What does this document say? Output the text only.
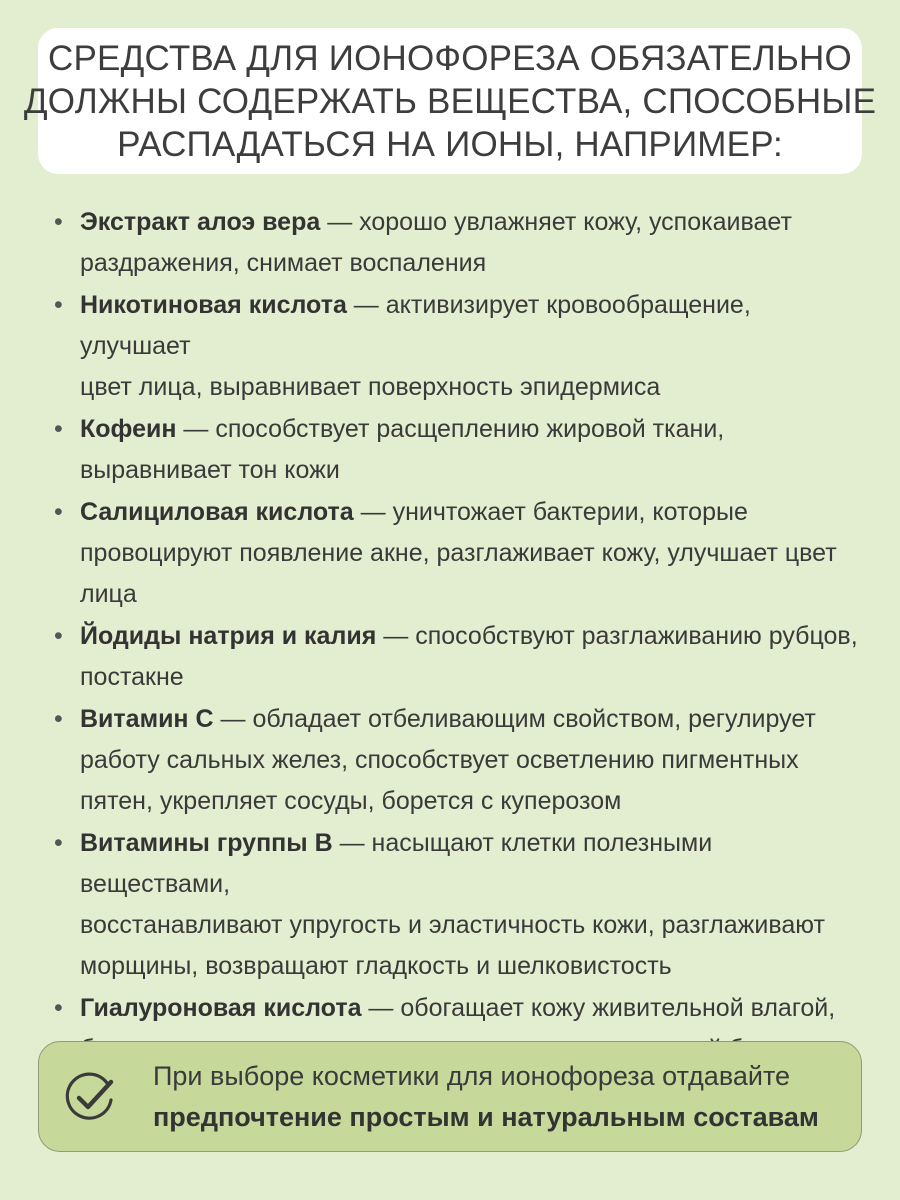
СРЕДСТВА ДЛЯ ИОНОФОРЕЗА ОБЯЗАТЕЛЬНО
ДОЛЖНЫ СОДЕРЖАТЬ ВЕЩЕСТВА, СПОСОБНЫЕ
РАСПАДАТЬСЯ НА ИОНЫ, НАПРИМЕР:
• Экстракт алоэ вера — хорошо увлажняет кожу, успокаивает
раздражения, снимает воспаления
• Никотиновая кислота — активизирует кровообращение, улучшает
цвет лица, выравнивает поверхность эпидермиса
• Кофеин — способствует расщеплению жировой ткани,
выравнивает тон кожи
• Салициловая кислота — уничтожает бактерии, которые
провоцируют появление акне, разглаживает кожу, улучшает цвет
лица
• Йодиды натрия и калия — способствуют разглаживанию рубцов,
постакне
• Витамин С — обладает отбеливающим свойством, регулирует
работу сальных желез, способствует осветлению пигментных
пятен, укрепляет сосуды, борется с куперозом
• Витамины группы В — насыщают клетки полезными веществами,
восстанавливают упругость и эластичность кожи, разглаживают
морщины, возвращают гладкость и шелковистость
• Гиалуроновая кислота — обогащает кожу живительной влагой,

При выборе косметики для ионофореза отдавайте
предпочтение простым и натуральным составам
